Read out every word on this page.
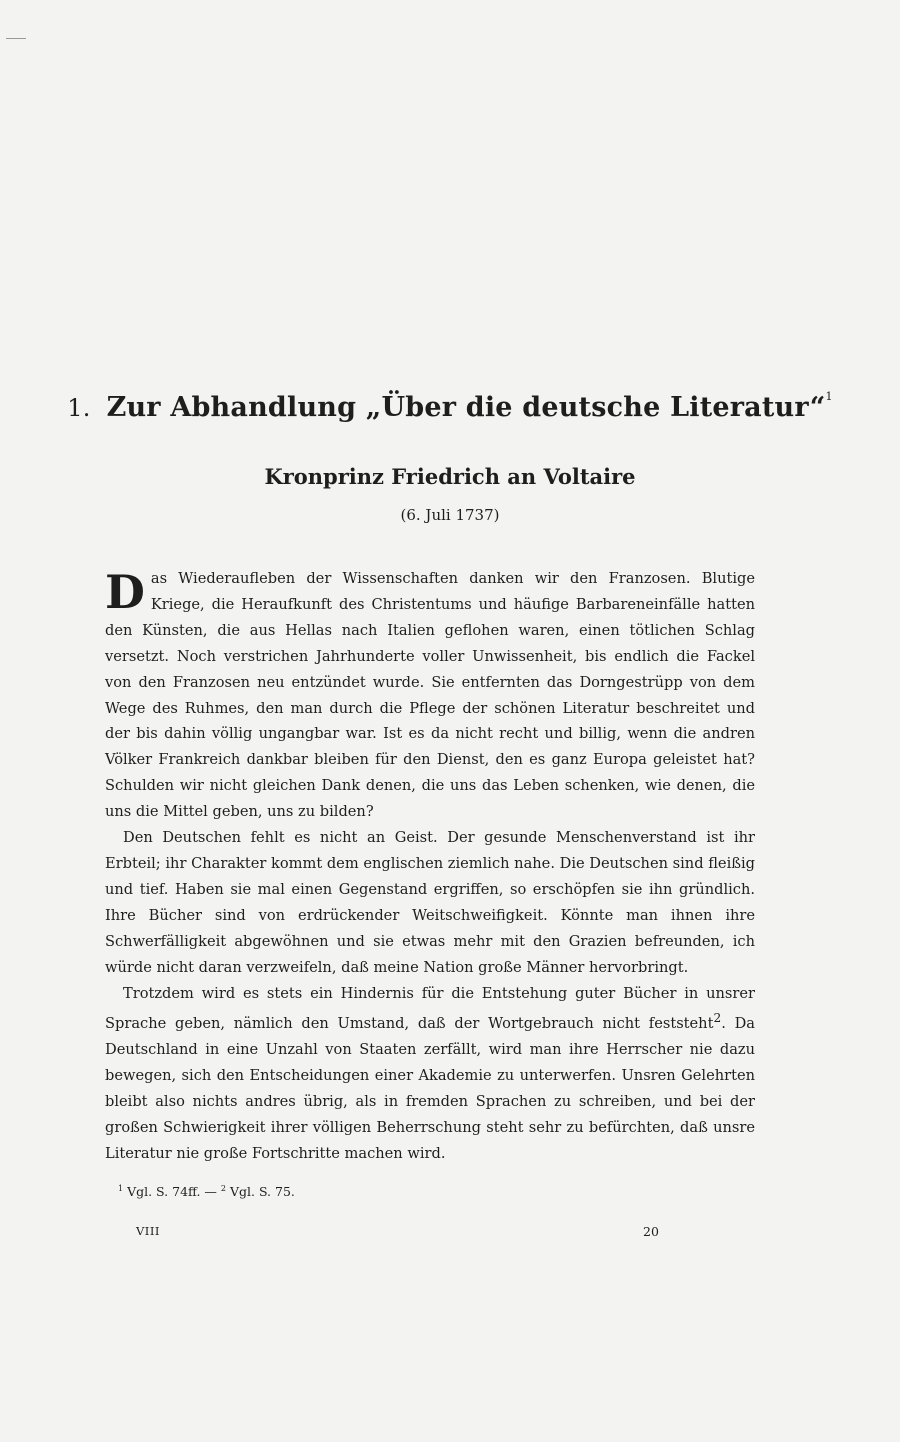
1. Zur Abhandlung „Über die deutsche Literatur“$^1$
Kronprinz Friedrich an Voltaire
(6. Juli 1737)

Das Wiederaufleben der Wissenschaften danken wir den Franzosen. Blutige Kriege, die Heraufkunft des Christentums und häufige Barbareneinfälle hatten den Künsten, die aus Hellas nach Italien geflohen waren, einen tötlichen Schlag versetzt. Noch verstrichen Jahrhunderte voller Unwissenheit, bis endlich die Fackel von den Franzosen neu entzündet wurde. Sie entfernten das Dorngestrüpp von dem Wege des Ruhmes, den man durch die Pflege der schönen Literatur beschreitet und der bis dahin völlig ungangbar war. Ist es da nicht recht und billig, wenn die andren Völker Frankreich dankbar bleiben für den Dienst, den es ganz Europa geleistet hat? Schulden wir nicht gleichen Dank denen, die uns das Leben schenken, wie denen, die uns die Mittel geben, uns zu bilden?

Den Deutschen fehlt es nicht an Geist. Der gesunde Menschenverstand ist ihr Erbteil; ihr Charakter kommt dem englischen ziemlich nahe. Die Deutschen sind fleißig und tief. Haben sie mal einen Gegenstand ergriffen, so erschöpfen sie ihn gründlich. Ihre Bücher sind von erdrückender Weitschweifigkeit. Könnte man ihnen ihre Schwerfälligkeit abgewöhnen und sie etwas mehr mit den Grazien befreunden, ich würde nicht daran verzweifeln, daß meine Nation große Männer hervorbringt.

Trotzdem wird es stets ein Hindernis für die Entstehung guter Bücher in unsrer Sprache geben, nämlich den Umstand, daß der Wortgebrauch nicht feststeht$^2$. Da Deutschland in eine Unzahl von Staaten zerfällt, wird man ihre Herrscher nie dazu bewegen, sich den Entscheidungen einer Akademie zu unterwerfen. Unsren Gelehrten bleibt also nichts andres übrig, als in fremden Sprachen zu schreiben, und bei der großen Schwierigkeit ihrer völligen Beherrschung steht sehr zu befürchten, daß unsre Literatur nie große Fortschritte machen wird.

$^1$ Vgl. S. 74ff. — $^2$ Vgl. S. 75.
VIII	20
